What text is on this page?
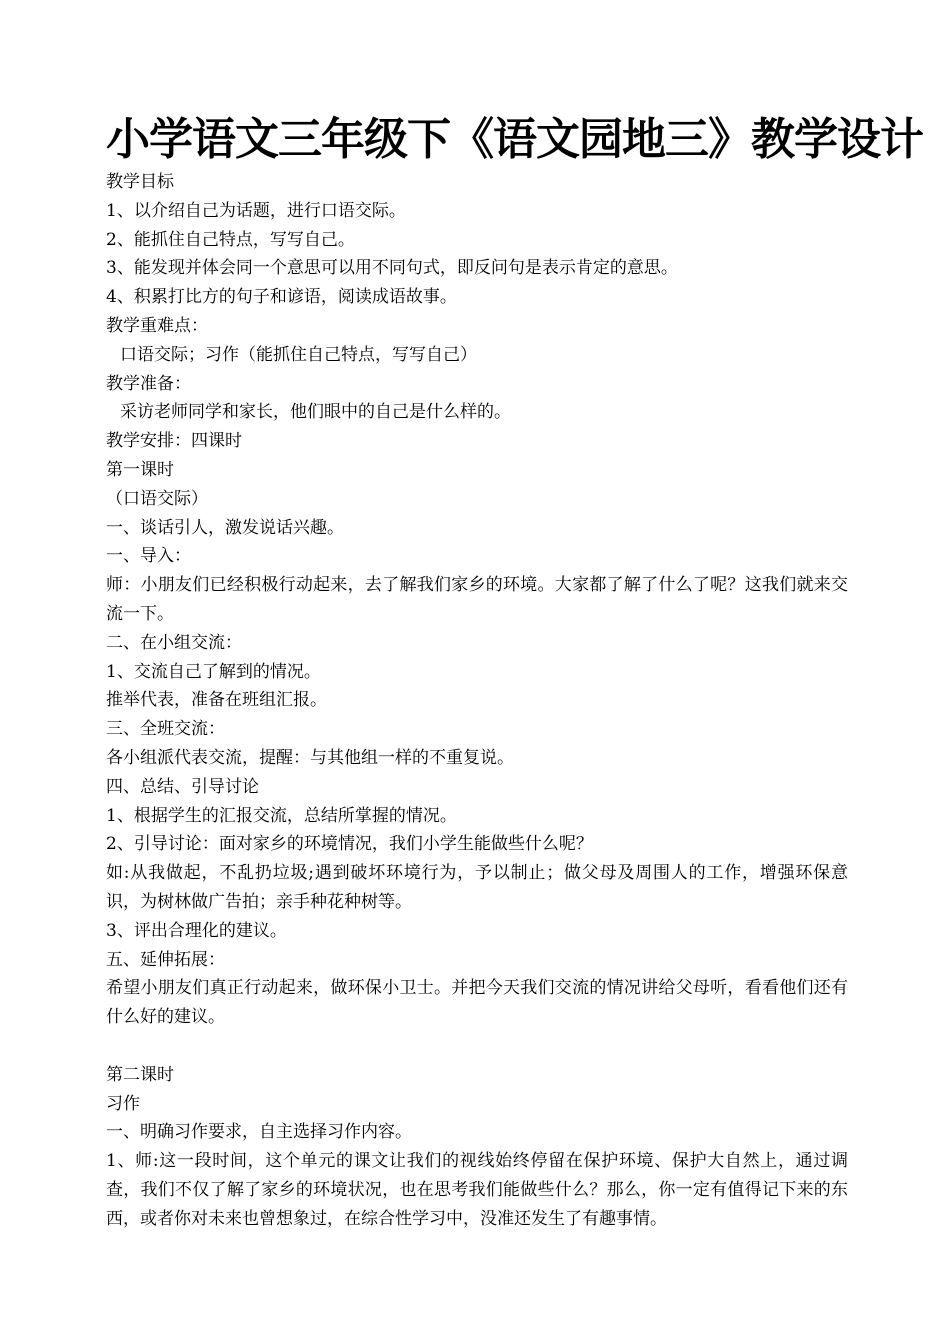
小学语文三年级下《语文园地三》教学设计
教学目标
1、以介绍自己为话题，进行口语交际。
2、能抓住自己特点，写写自己。
3、能发现并体会同一个意思可以用不同句式，即反问句是表示肯定的意思。
4、积累打比方的句子和谚语，阅读成语故事。
教学重难点：
口语交际；习作（能抓住自己特点，写写自己）
教学准备：
采访老师同学和家长，他们眼中的自己是什么样的。
教学安排：四课时
第一课时
（口语交际）
一、谈话引人，激发说话兴趣。
一、导入：
师：小朋友们已经积极行动起来，去了解我们家乡的环境。大家都了解了什么了呢？这我们就来交流一下。
二、在小组交流：
1、交流自己了解到的情况。
推举代表，准备在班组汇报。
三、全班交流：
各小组派代表交流，提醒：与其他组一样的不重复说。
四、总结、引导讨论
1、根据学生的汇报交流，总结所掌握的情况。
2、引导讨论：面对家乡的环境情况，我们小学生能做些什么呢？
如:从我做起，不乱扔垃圾;遇到破坏环境行为，予以制止；做父母及周围人的工作，增强环保意识，为树林做广告拍；亲手种花种树等。
3、评出合理化的建议。
五、延伸拓展：
希望小朋友们真正行动起来，做环保小卫士。并把今天我们交流的情况讲给父母听，看看他们还有什么好的建议。
第二课时
习作
一、明确习作要求，自主选择习作内容。
1、师:这一段时间，这个单元的课文让我们的视线始终停留在保护环境、保护大自然上，通过调查，我们不仅了解了家乡的环境状况，也在思考我们能做些什么？那么，你一定有值得记下来的东西，或者你对未来也曾想象过，在综合性学习中，没准还发生了有趣事情。
